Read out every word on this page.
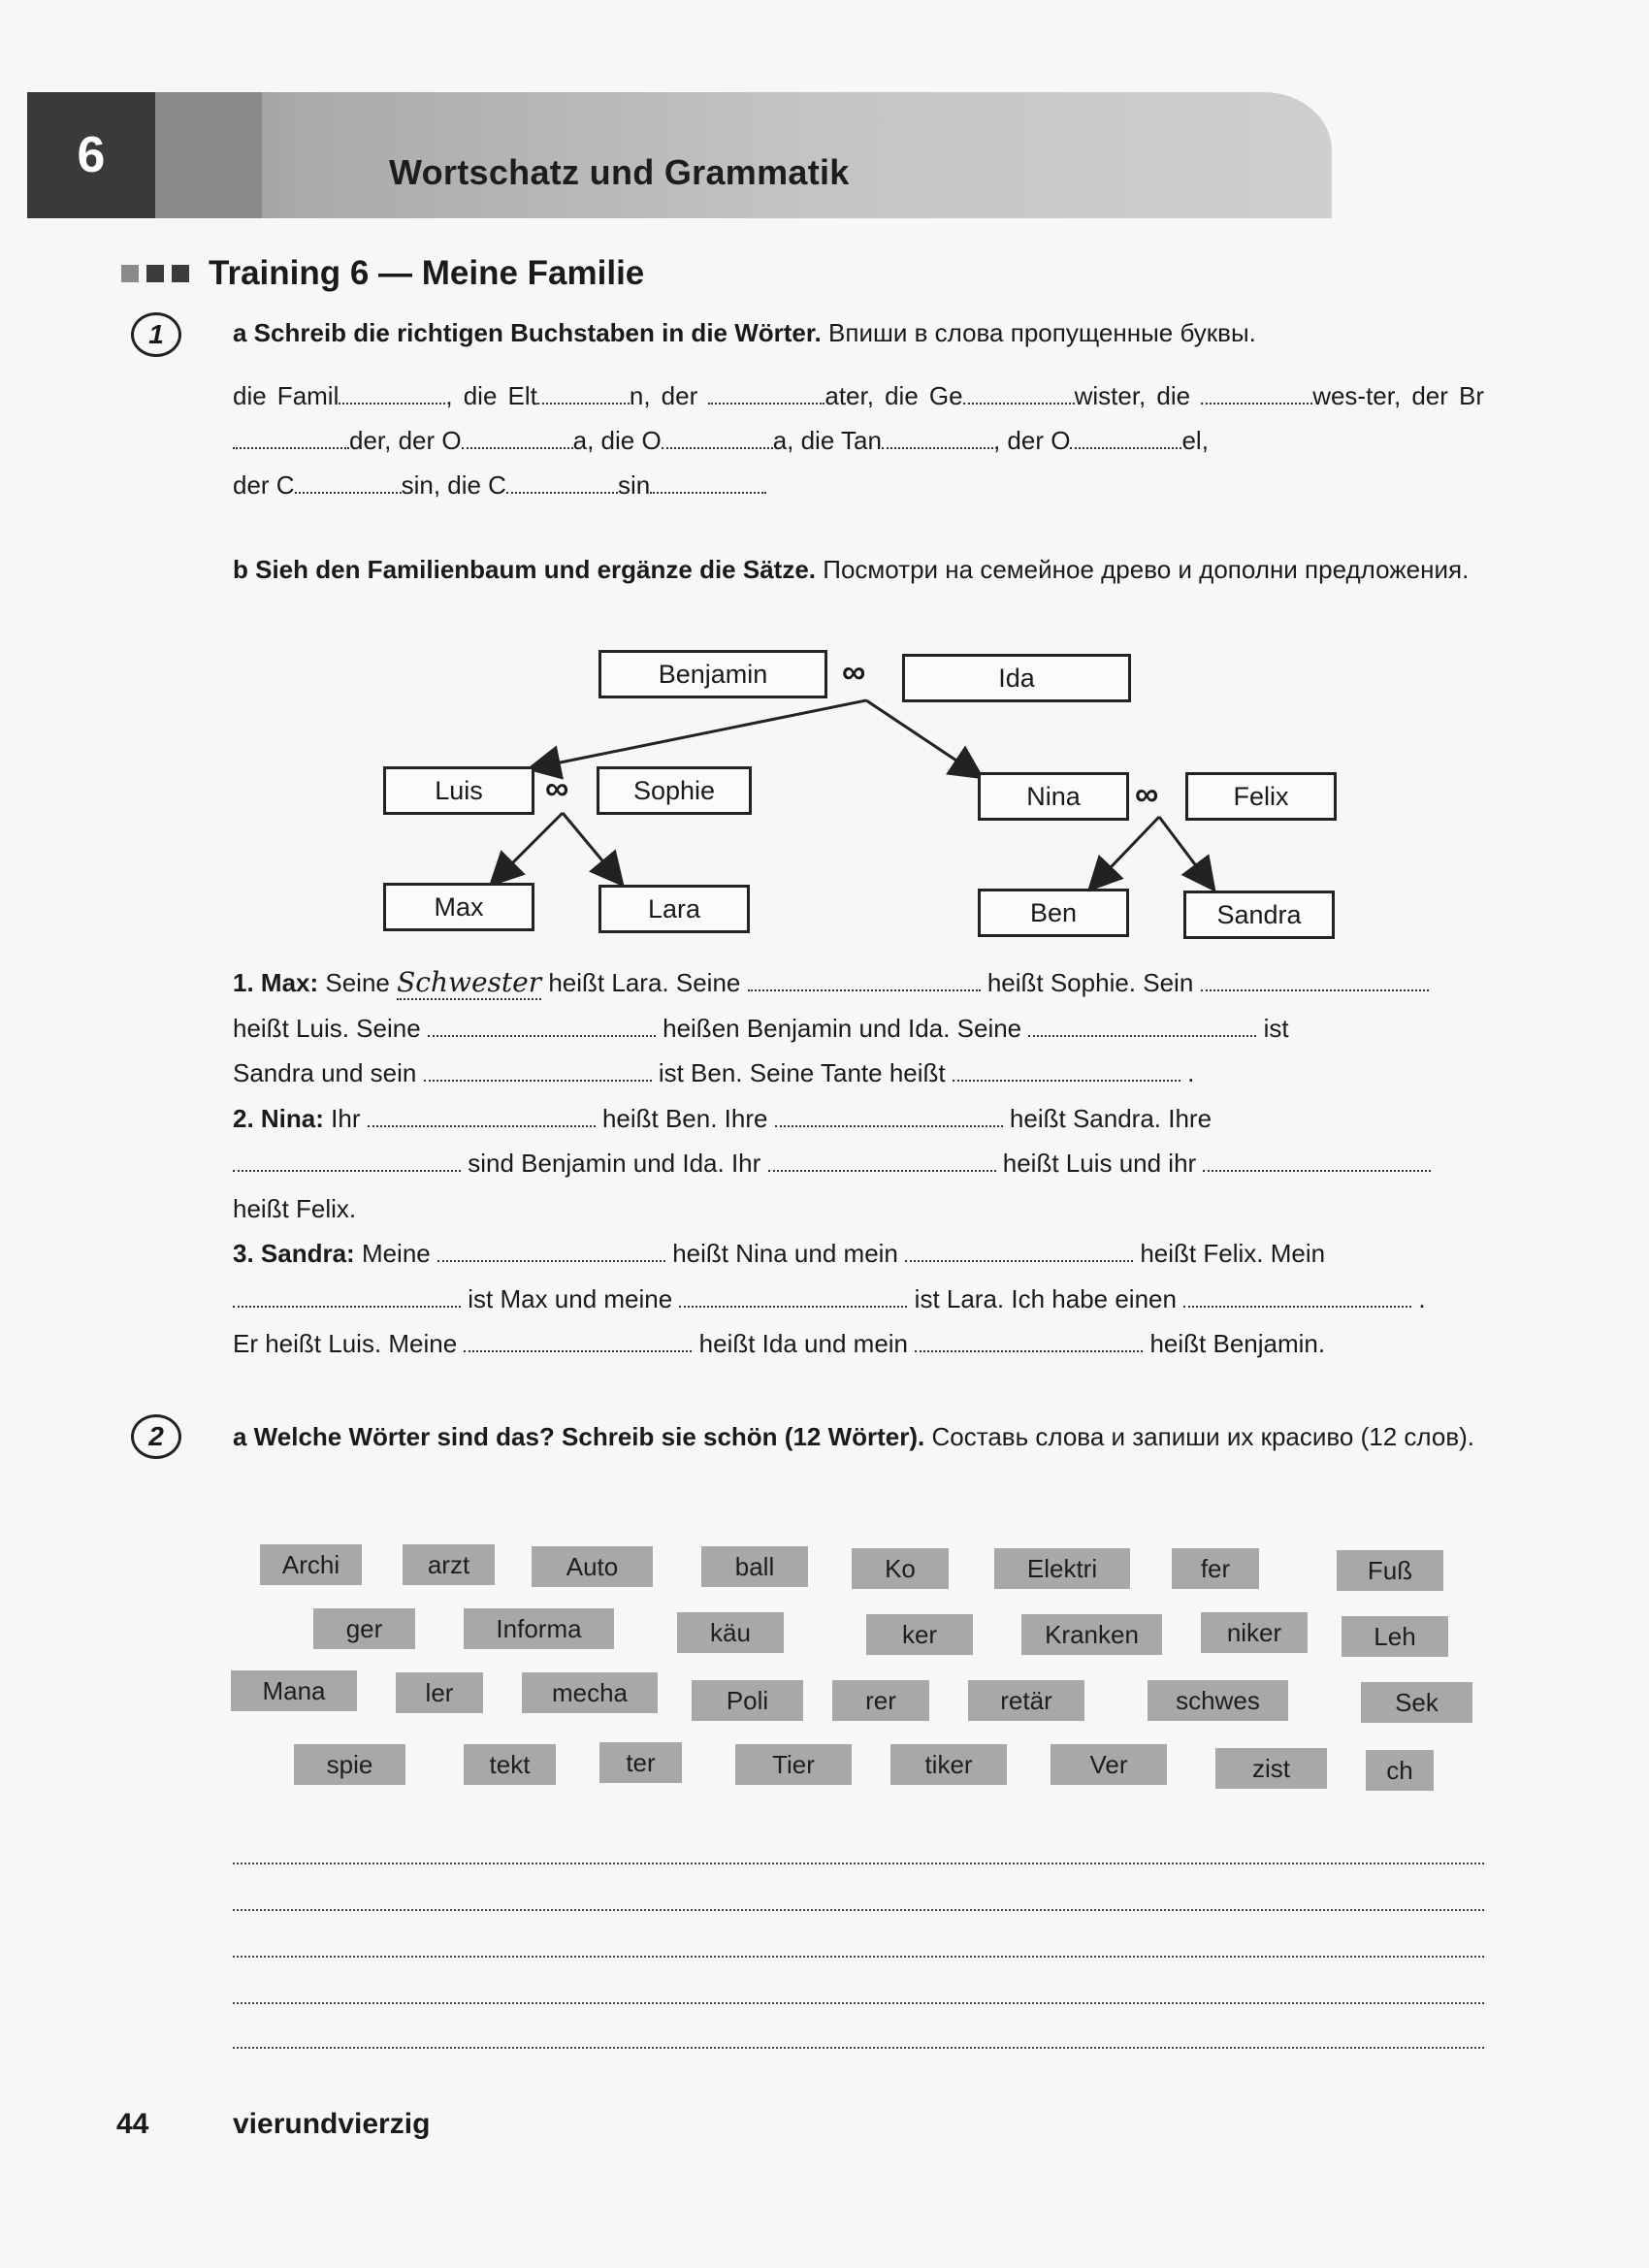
6	Wortschatz und Grammatik
Training 6 — Meine Familie
1	a Schreib die richtigen Buchstaben in die Wörter. Впиши в слова пропущенные буквы.
die Famil	, die Elt	n, der	ater, die Ge	wister, die	wes-ter, der Brder, der O	a, die O	a, die Tan	, der O	el,
der C	sin, die C	sin
b Sieh den Familienbaum und ergänze die Sätze. Посмотри на семейное древо и дополни предложения.
Benjamin	∞	Ida
Luis	∞	Sophie	Nina	∞	Felix
Max	Lara	Ben	Sandra

1. Max: Seine Schwester heißt Lara. Seine	heißt Sophie. Sein
heißt Luis. Seine	heißen Benjamin und Ida. Seine	ist
Sandra und sein	ist Ben. Seine Tante heißt	.

2. Nina: Ihr	heißt Ben. Ihre	heißt Sandra. Ihre
sind Benjamin und Ida. Ihr	heißt Luis und ihr
heißt Felix.

3. Sandra: Meine	heißt Nina und mein	heißt Felix. Mein
ist Max und meine	ist Lara. Ich habe einen	.
Er heißt Luis. Meine	heißt Ida und mein	heißt Benjamin.

2	a Welche Wörter sind das? Schreib sie schön (12 Wörter). Составь слова и запиши их красиво (12 слов).
Archi	arzt	Auto	ball	Ko	Elektri	fer	Fuß
ger	Informa	käu	ker	Kranken	niker	Leh
Mana	ler	mecha	Poli	rer	retär	schwes	Sek
spie	tekt	ter	Tier	tiker	Ver	zist	ch
44	vierundvierzig
